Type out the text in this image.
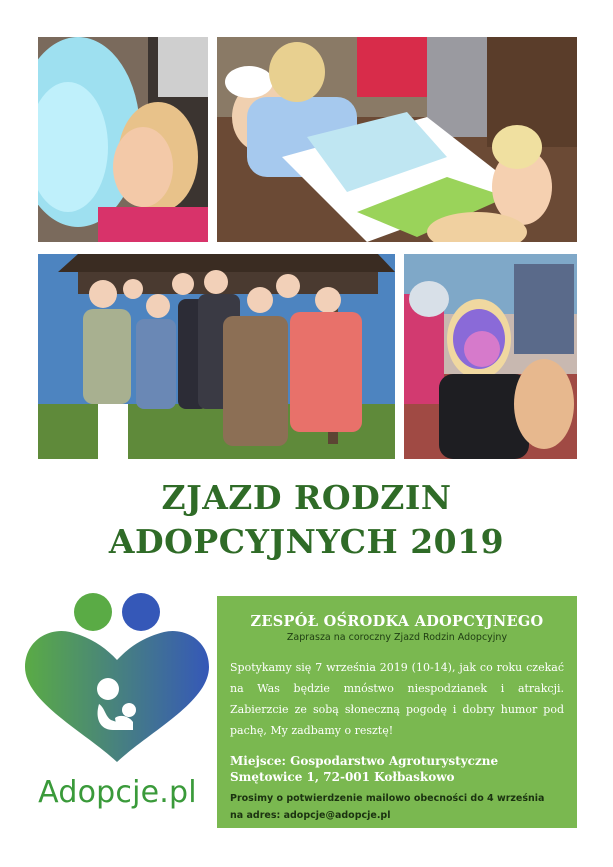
ZJAZD RODZIN
ADOPCYJNYCH 2019
Adopcje.pl

ZESPÓŁ OŚRODKA ADOPCYJNEGO

Zaprasza na coroczny Zjazd Rodzin Adopcyjny

Spotykamy się 7 września 2019 (10-14), jak co roku czekać na Was będzie mnóstwo niespodzianek i atrakcji. Zabierzcie ze sobą słoneczną pogodę i dobry humor pod pachę, My zadbamy o resztę!

Miejsce: Gospodarstwo Agroturystyczne
Smętowice 1, 72-001 Kołbaskowo

Prosimy o potwierdzenie mailowo obecności do 4 września
na adres: adopcje@adopcje.pl
